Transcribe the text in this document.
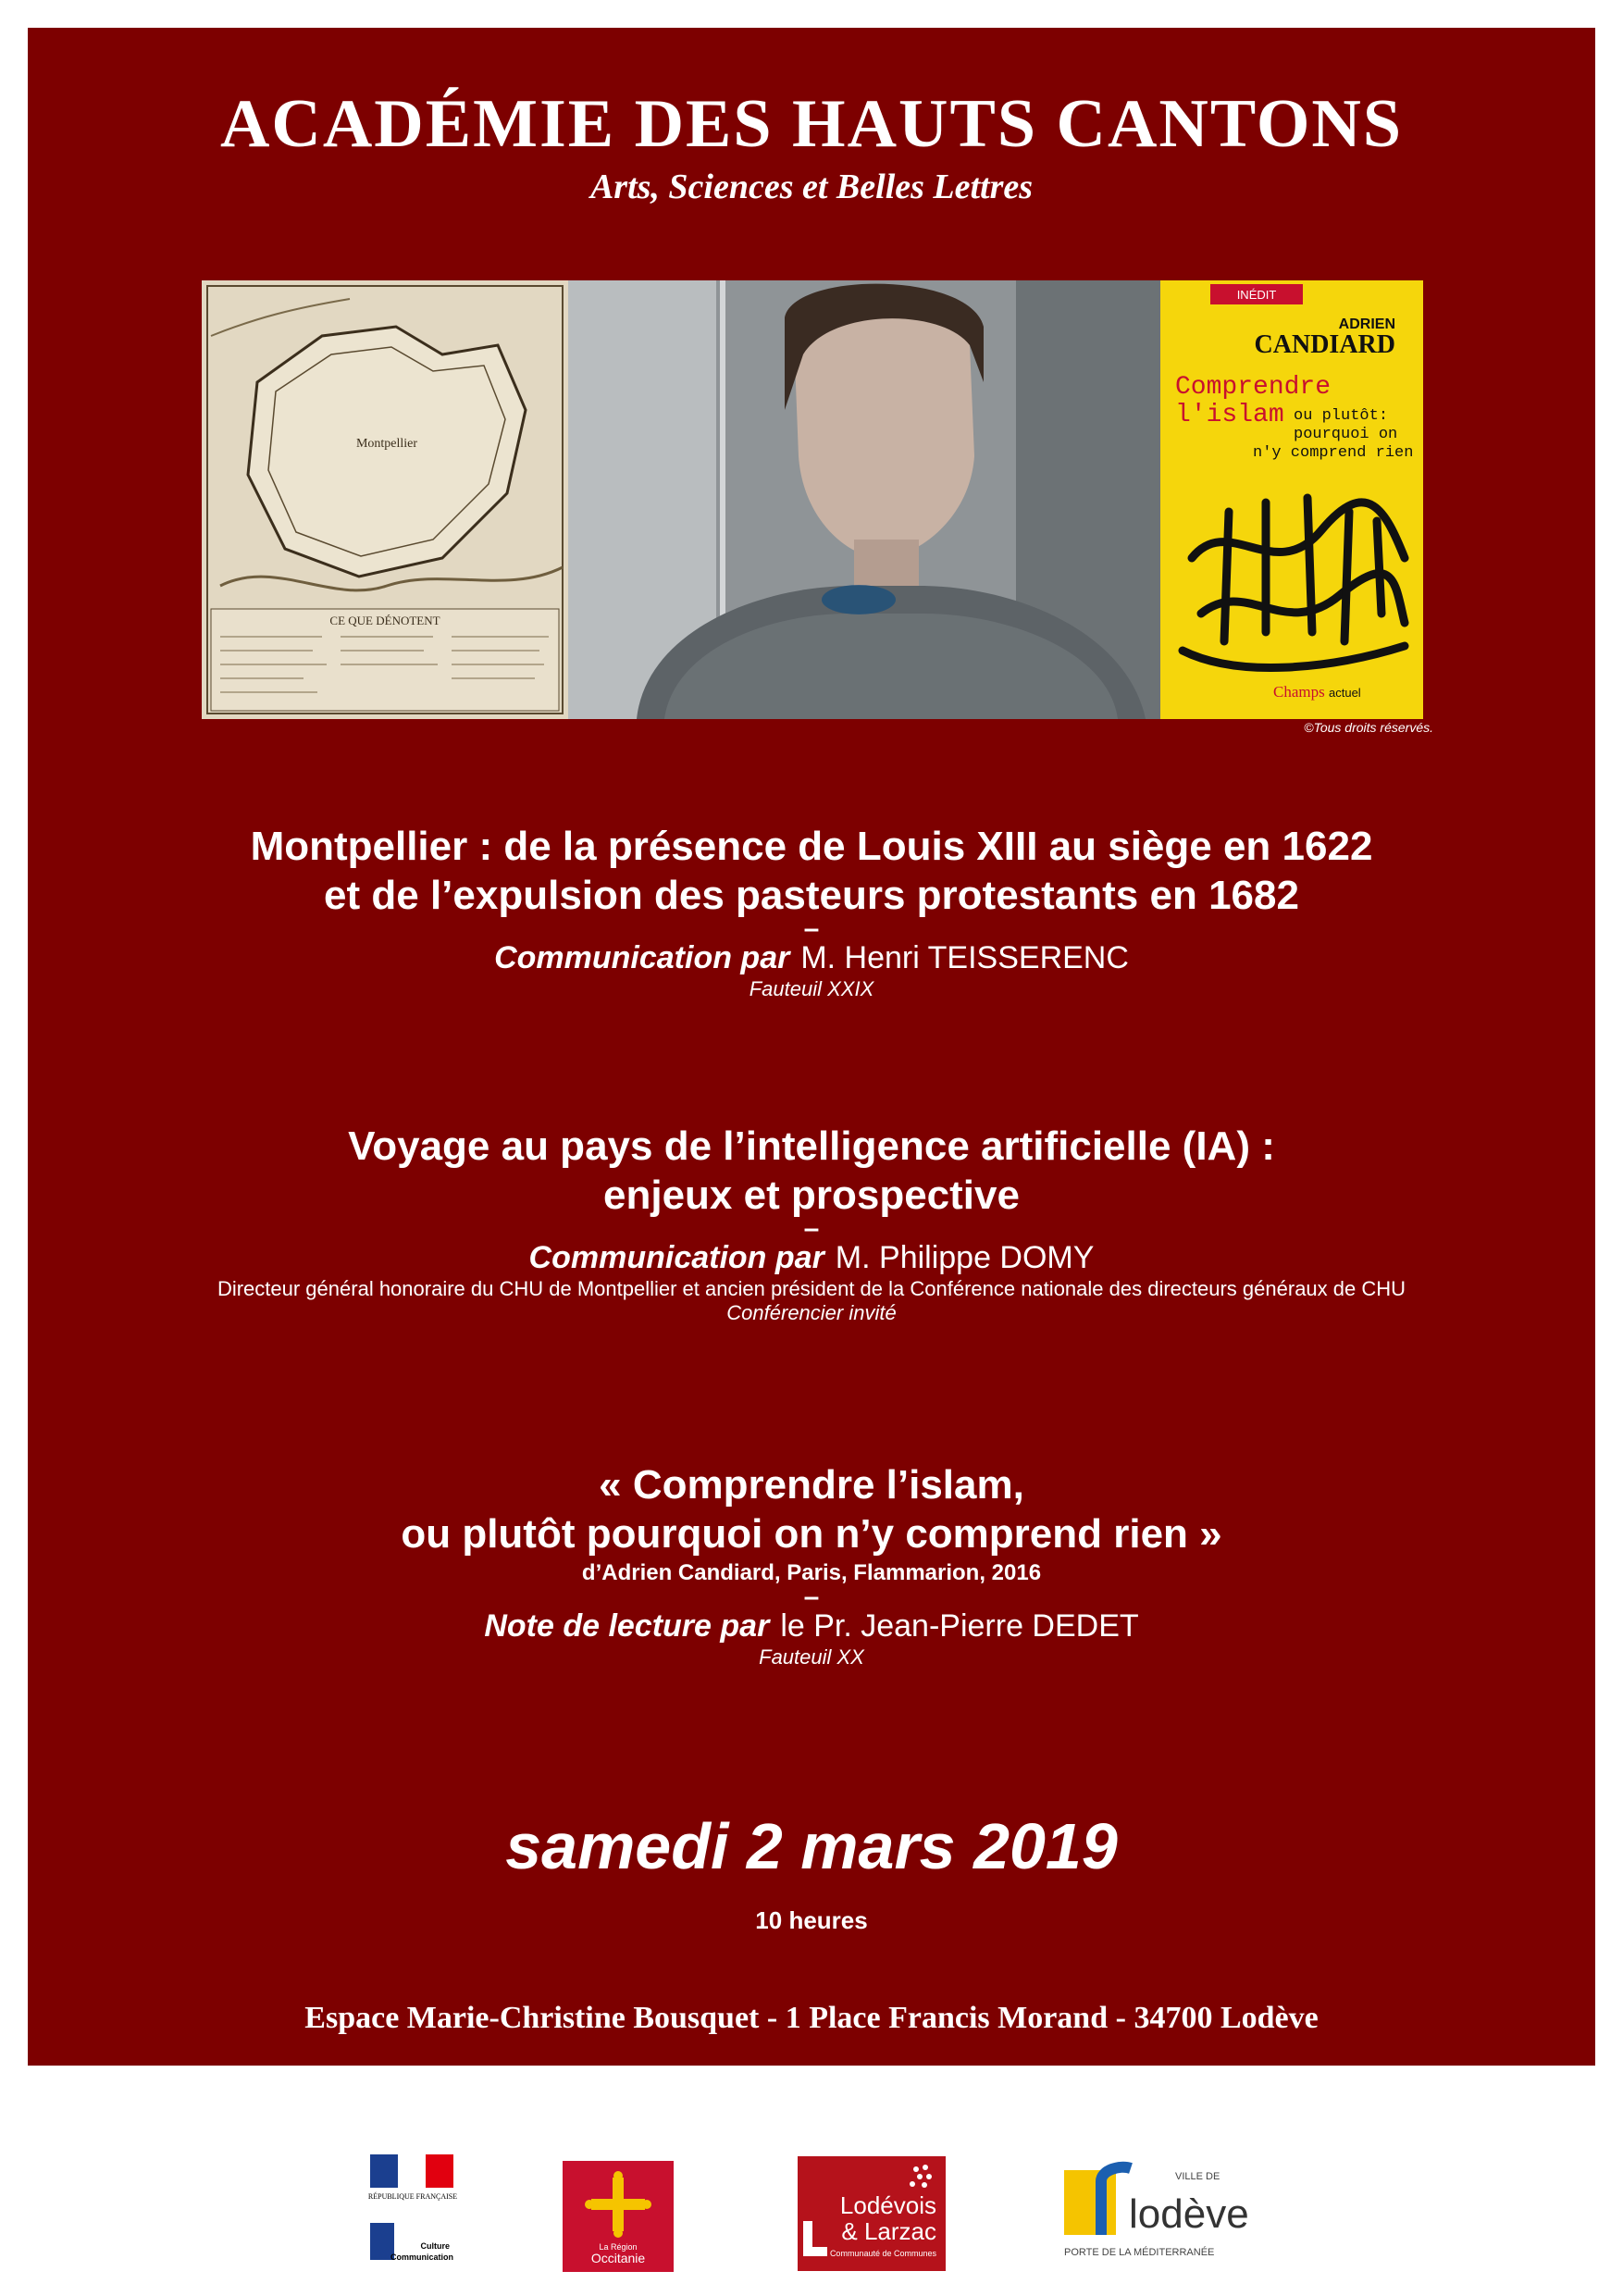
ACADÉMIE DES HAUTS CANTONS
Arts, Sciences et Belles Lettres
Montpellier
CE QUE DÉNOTENT
INÉDIT
ADRIEN
CANDIARD
Comprendre
l'islam ou plutôt:
pourquoi on
n'y comprend rien
Champs actuel
©Tous droits réservés.
Montpellier : de la présence de Louis XIII au siège en 1622
et de l’expulsion des pasteurs protestants en 1682
–
Communication par M. Henri TEISSERENC
Fauteuil XXIX
Voyage au pays de l’intelligence artificielle (IA) :
enjeux et prospective
–
Communication par M. Philippe DOMY
Directeur général honoraire du CHU de Montpellier et ancien président de la Conférence nationale des directeurs généraux de CHU
Conférencier invité
« Comprendre l’islam,
ou plutôt pourquoi on n’y comprend rien »
d’Adrien Candiard, Paris, Flammarion, 2016
–
Note de lecture par le Pr. Jean-Pierre DEDET
Fauteuil XX
samedi 2 mars 2019
10 heures
Espace Marie-Christine Bousquet - 1 Place Francis Morand - 34700 Lodève
www.academiehautscantons.org
RÉPUBLIQUE FRANÇAISE
Culture
Communication
La Région
Occitanie
Lodévois
& Larzac
Communauté de Communes
VILLE DE
lodève
PORTE DE LA MÉDITERRANÉE
